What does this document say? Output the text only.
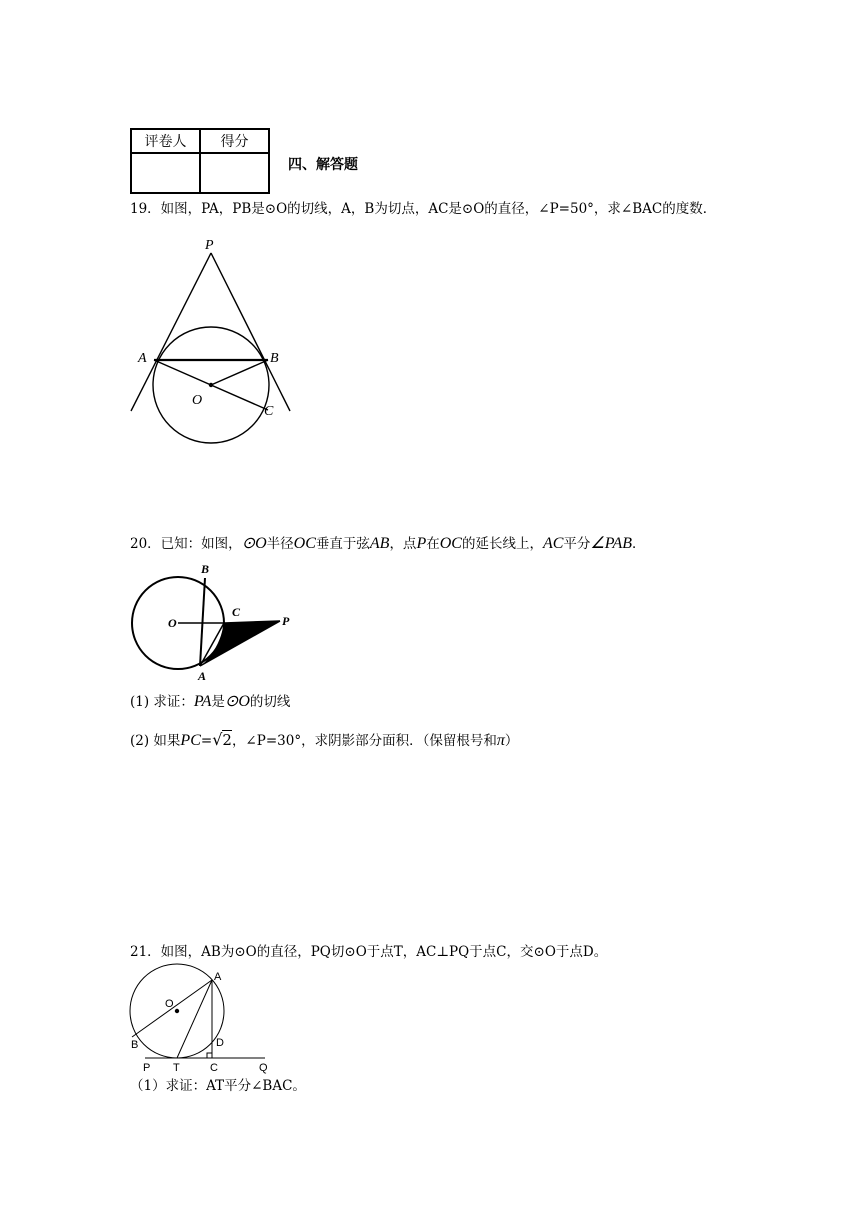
评卷人	得分

四、解答题
19．如图，PA，PB是⊙O的切线，A，B为切点，AC是⊙O的直径，∠P=50°，求∠BAC的度数．
P
A	B
O
C
B
O
C
P
A
A
O
B	D
P T	C	Q
20．已知：如图，⊙O半径OC垂直于弦AB，点P在OC的延长线上，AC平分∠PAB．
(1) 求证：PA是⊙O的切线
(2) 如果PC=√2，∠P=30°，求阴影部分面积．（保留根号和π）
21．如图，AB为⊙O的直径，PQ切⊙O于点T，AC⊥PQ于点C，交⊙O于点D。
（1）求证：AT平分∠BAC。
